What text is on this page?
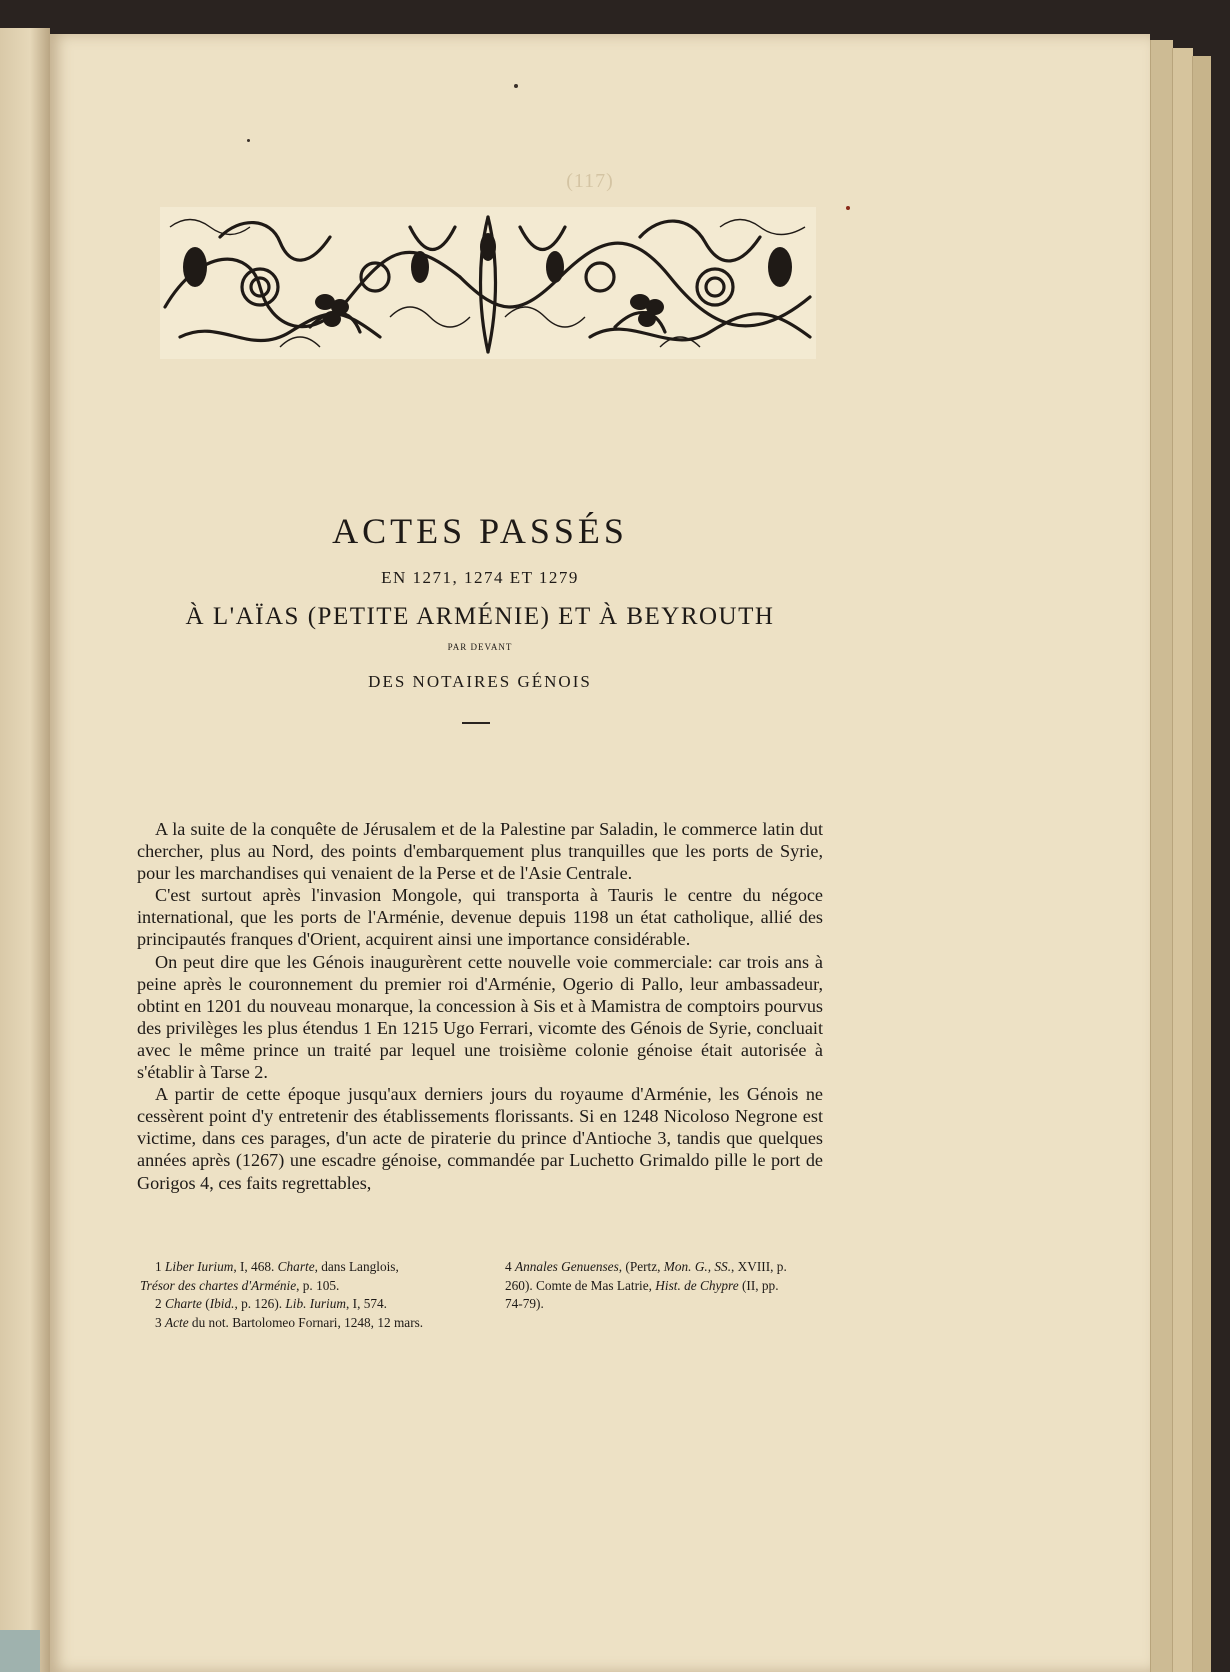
(117)
ACTES PASSÉS
EN 1271, 1274 ET 1279
À L'AÏAS (PETITE ARMÉNIE) ET À BEYROUTH
PAR DEVANT
DES NOTAIRES GÉNOIS

A la suite de la conquête de Jérusalem et de la Palestine par Saladin, le commerce latin dut chercher, plus au Nord, des points d'embarquement plus tranquilles que les ports de Syrie, pour les marchandises qui venaient de la Perse et de l'Asie Centrale.

C'est surtout après l'invasion Mongole, qui transporta à Tauris le centre du négoce international, que les ports de l'Arménie, devenue depuis 1198 un état catholique, allié des principautés franques d'Orient, acquirent ainsi une importance considérable.

On peut dire que les Génois inaugurèrent cette nouvelle voie commerciale: car trois ans à peine après le couronnement du premier roi d'Arménie, Ogerio di Pallo, leur ambassadeur, obtint en 1201 du nouveau monarque, la concession à Sis et à Mamistra de comptoirs pourvus des privilèges les plus étendus 1 En 1215 Ugo Ferrari, vicomte des Génois de Syrie, concluait avec le même prince un traité par lequel une troisième colonie génoise était autorisée à s'établir à Tarse 2.

A partir de cette époque jusqu'aux derniers jours du royaume d'Arménie, les Génois ne cessèrent point d'y entretenir des établissements florissants. Si en 1248 Nicoloso Negrone est victime, dans ces parages, d'un acte de piraterie du prince d'Antioche 3, tandis que quelques années après (1267) une escadre génoise, commandée par Luchetto Grimaldo pille le port de Gorigos 4, ces faits regrettables,

1 Liber Iurium, I, 468. Charte, dans Langlois,

Trésor des chartes d'Arménie, p. 105.

2 Charte (Ibid., p. 126). Lib. Iurium, I, 574.

3 Acte du not. Bartolomeo Fornari, 1248, 12 mars.

4 Annales Genuenses, (Pertz, Mon. G., SS., XVIII, p. 260). Comte de Mas Latrie, Hist. de Chypre (II, pp. 74-79).
